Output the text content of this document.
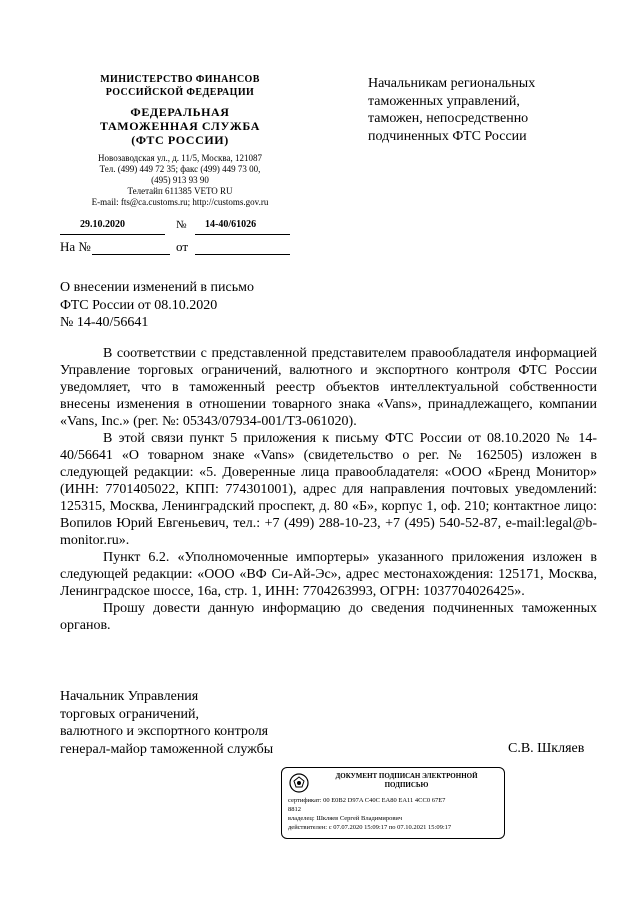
МИНИСТЕРСТВО ФИНАНСОВ
РОССИЙСКОЙ ФЕДЕРАЦИИ
ФЕДЕРАЛЬНАЯ
ТАМОЖЕННАЯ СЛУЖБА
(ФТС РОССИИ)
Новозаводская ул., д. 11/5, Москва, 121087
Тел. (499) 449 72 35; факс (499) 449 73 00,
(495) 913 93 90
Телетайп 611385 VETO RU
E-mail: fts@ca.customs.ru; http://customs.gov.ru
29.10.2020	№ 14-40/61026
На №	от
Начальникам региональных
таможенных управлений,
таможен, непосредственно
подчиненных ФТС России
О внесении изменений в письмо
ФТС России от 08.10.2020
№ 14-40/56641

В соответствии с представленной представителем правообладателя информацией Управление торговых ограничений, валютного и экспортного контроля ФТС России уведомляет, что в таможенный реестр объектов интеллектуальной собственности внесены изменения в отношении товарного знака «Vans», принадлежащего, компании «Vans, Inc.» (рег. №: 05343/07934-001/ТЗ-061020).

В этой связи пункт 5 приложения к письму ФТС России от 08.10.2020 № 14-40/56641 «О товарном знаке «Vans» (свидетельство о рег. № 162505) изложен в следующей редакции: «5. Доверенные лица правообладателя: «ООО «Бренд Монитор» (ИНН: 7701405022, КПП: 774301001), адрес для направления почтовых уведомлений: 125315, Москва, Ленинградский проспект, д. 80 «Б», корпус 1, оф. 210; контактное лицо: Вопилов Юрий Евгеньевич, тел.: +7 (499) 288-10-23, +7 (495) 540-52-87, e-mail:legal@b-monitor.ru».

Пункт 6.2. «Уполномоченные импортеры» указанного приложения изложен в следующей редакции: «ООО «ВФ Си-Ай-Эс», адрес местонахождения: 125171, Москва, Ленинградское шоссе, 16а, стр. 1, ИНН: 7704263993, ОГРН: 1037704026425».

Прошу довести данную информацию до сведения подчиненных таможенных органов.

Начальник Управления
торговых ограничений,
валютного и экспортного контроля
генерал-майор таможенной службы	С.В. Шкляев
ДОКУМЕНТ ПОДПИСАН ЭЛЕКТРОННОЙ
ПОДПИСЬЮ
сертификат: 00 E0B2 D97A C40C EA80 EA11 4CC0 67E7
8812
владелец: Шкляев Сергей Владимирович
действителен: с 07.07.2020 15:09:17 по 07.10.2021 15:09:17
